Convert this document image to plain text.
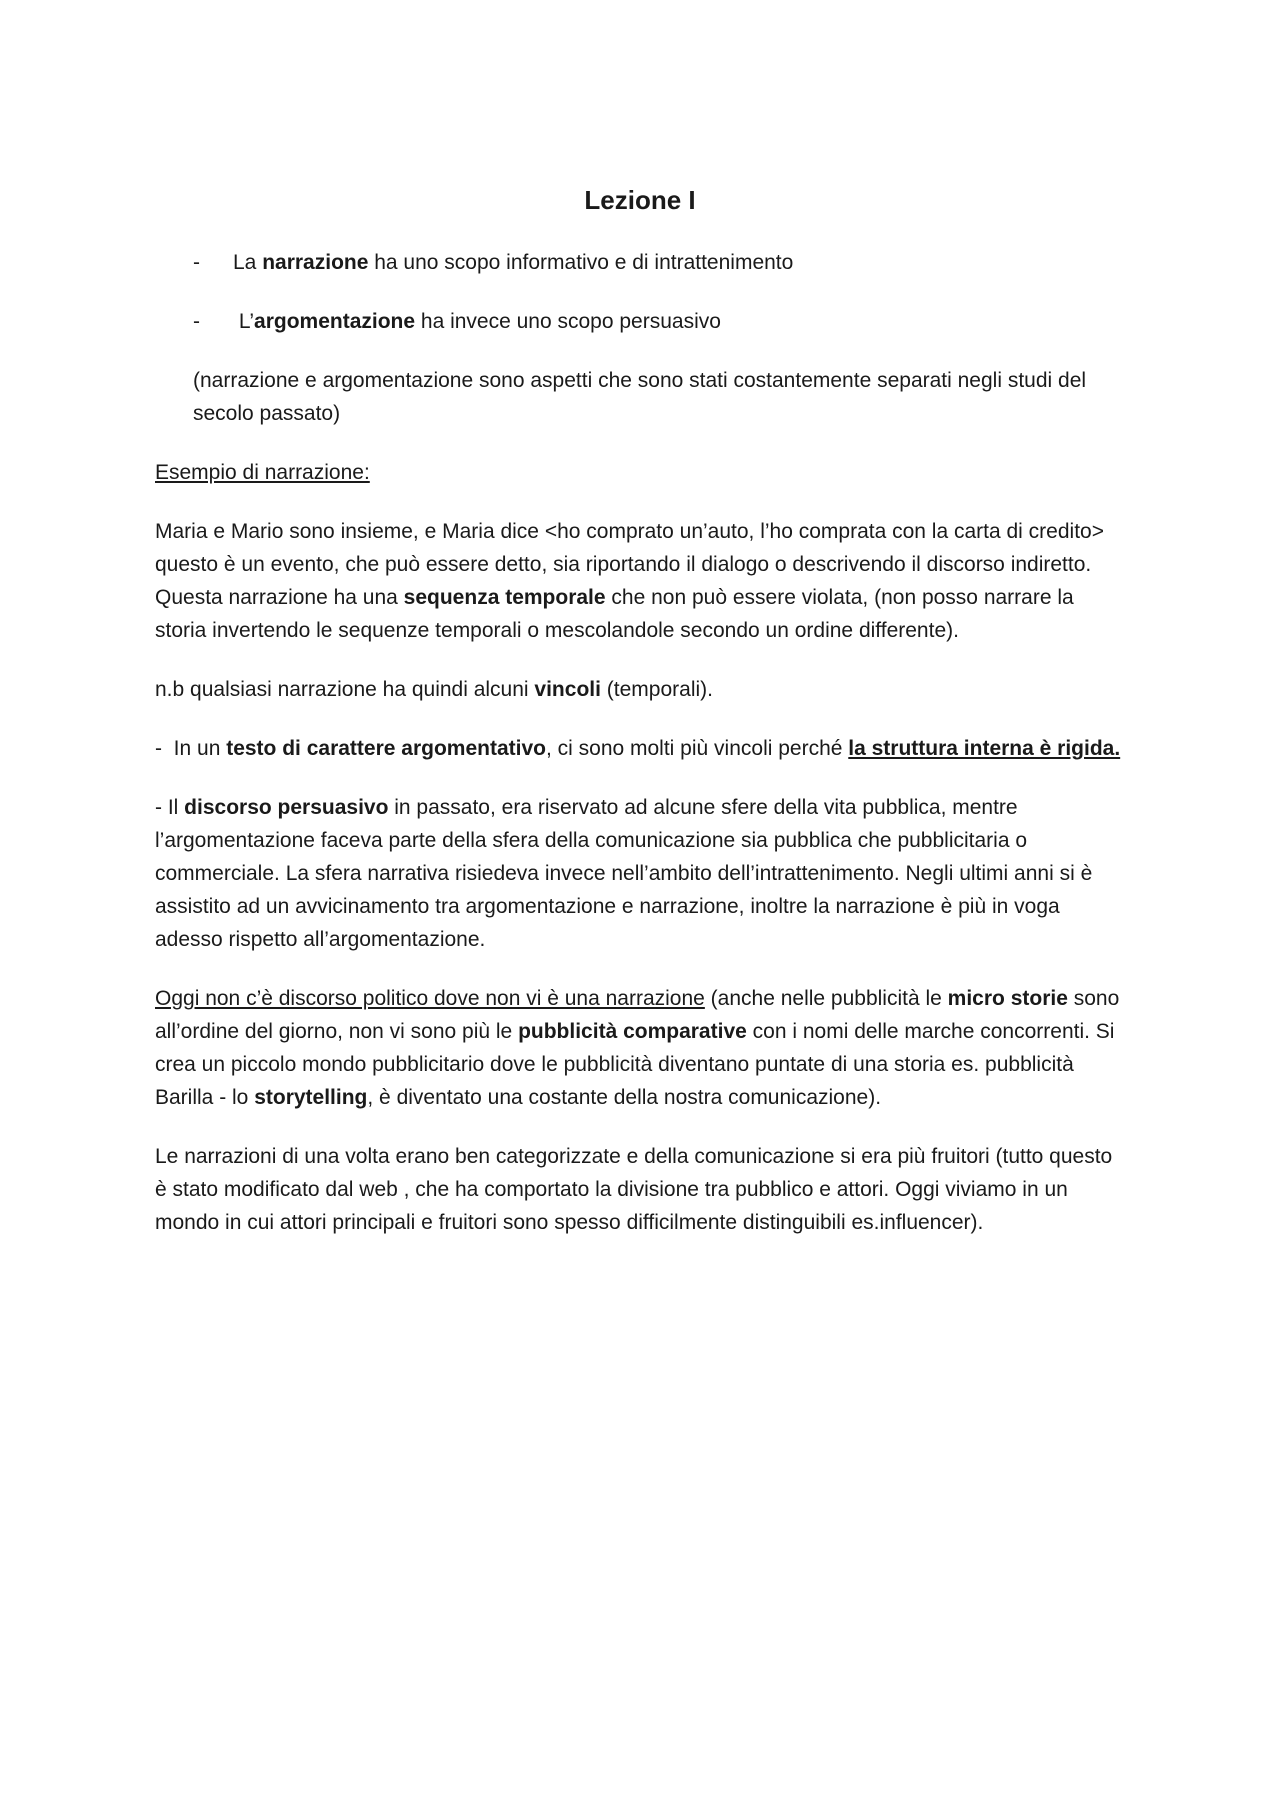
Lezione I
-	La narrazione ha uno scopo informativo e di intrattenimento
-	L’argomentazione ha invece uno scopo persuasivo

(narrazione e argomentazione sono aspetti che sono stati costantemente separati negli studi del secolo passato)

Esempio di narrazione:

Maria e Mario sono insieme, e Maria dice <ho comprato un’auto, l’ho comprata con la carta di credito> questo è un evento, che può essere detto, sia riportando il dialogo o descrivendo il discorso indiretto. Questa narrazione ha una sequenza temporale che non può essere violata, (non posso narrare la storia invertendo le sequenze temporali o mescolandole secondo un ordine differente).

n.b qualsiasi narrazione ha quindi alcuni vincoli (temporali).

-  In un testo di carattere argomentativo, ci sono molti più vincoli perché la struttura interna è rigida.

- Il discorso persuasivo in passato, era riservato ad alcune sfere della vita pubblica, mentre l’argomentazione faceva parte della sfera della comunicazione sia pubblica che pubblicitaria o commerciale. La sfera narrativa risiedeva invece nell’ambito dell’intrattenimento. Negli ultimi anni si è assistito ad un avvicinamento tra argomentazione e narrazione, inoltre la narrazione è più in voga adesso rispetto all’argomentazione.

Oggi non c’è discorso politico dove non vi è una narrazione (anche nelle pubblicità le micro storie sono all’ordine del giorno, non vi sono più le pubblicità comparative con i nomi delle marche concorrenti. Si crea un piccolo mondo pubblicitario dove le pubblicità diventano puntate di una storia es. pubblicità Barilla - lo storytelling, è diventato una costante della nostra comunicazione).

Le narrazioni di una volta erano ben categorizzate e della comunicazione si era più fruitori (tutto questo è stato modificato dal web , che ha comportato la divisione tra pubblico e attori. Oggi viviamo in un mondo in cui attori principali e fruitori sono spesso difficilmente distinguibili es.influencer).
